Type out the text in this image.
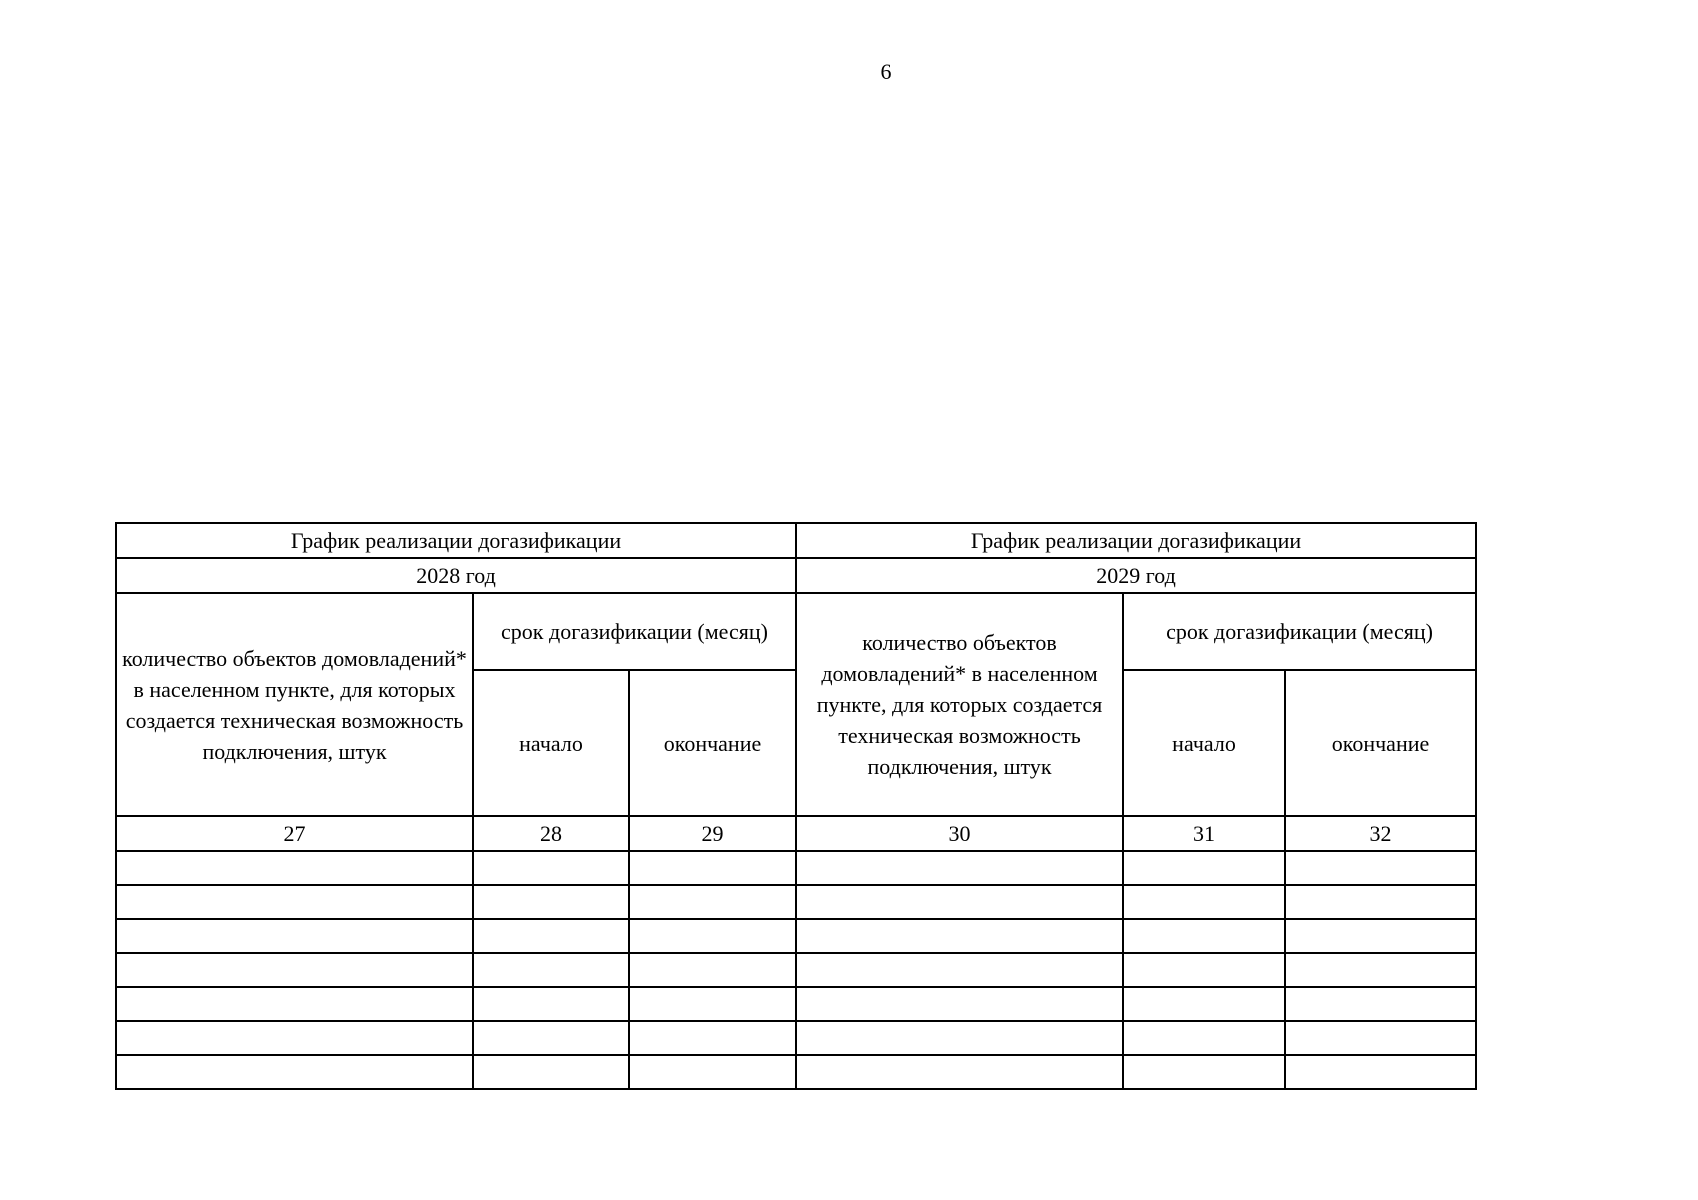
6
График реализации догазификации			График реализации догазификации		
2028 год			2029 год		
количество объектов домовладений* в населенном пункте, для которых создается техническая возможность подключения, штук	срок догазификации (месяц)		количество объектов домовладений* в населенном пункте, для которых создается техническая возможность подключения, штук	срок догазификации (месяц)	
	начало	окончание		начало	окончание
27	28	29	30	31	32
